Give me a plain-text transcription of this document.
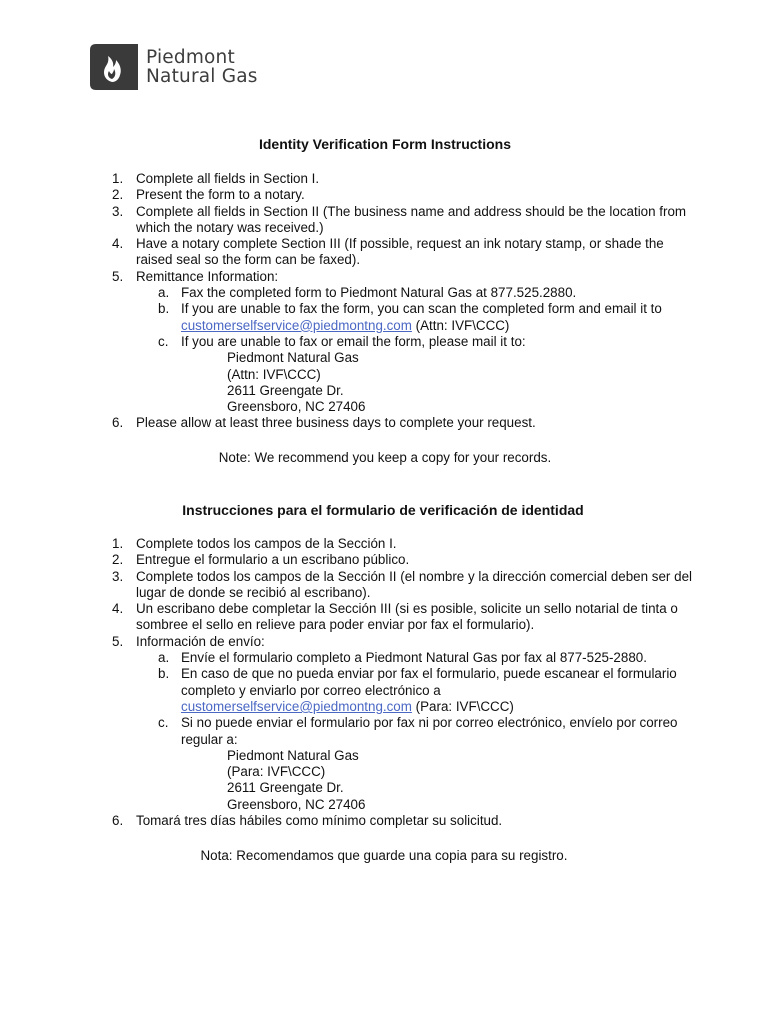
Piedmont
Natural Gas
Identity Verification Form Instructions
1. Complete all fields in Section I.
2. Present the form to a notary.
3. Complete all fields in Section II (The business name and address should be the location from which the notary was received.)
4. Have a notary complete Section III (If possible, request an ink notary stamp, or shade the raised seal so the form can be faxed).
5. Remittance Information:
a. Fax the completed form to Piedmont Natural Gas at 877.525.2880.
b. If you are unable to fax the form, you can scan the completed form and email it to
customerselfservice@piedmontng.com (Attn: IVF\CCC)
c. If you are unable to fax or email the form, please mail it to:
Piedmont Natural Gas
(Attn: IVF\CCC)
2611 Greengate Dr.
Greensboro, NC 27406
6. Please allow at least three business days to complete your request.
Note: We recommend you keep a copy for your records.
Instrucciones para el formulario de verificación de identidad
1. Complete todos los campos de la Sección I.
2. Entregue el formulario a un escribano público.
3. Complete todos los campos de la Sección II (el nombre y la dirección comercial deben ser del lugar de donde se recibió al escribano).
4. Un escribano debe completar la Sección III (si es posible, solicite un sello notarial de tinta o sombree el sello en relieve para poder enviar por fax el formulario).
5. Información de envío:
a. Envíe el formulario completo a Piedmont Natural Gas por fax al 877-525-2880.
b. En caso de que no pueda enviar por fax el formulario, puede escanear el formulario completo y enviarlo por correo electrónico a
customerselfservice@piedmontng.com (Para: IVF\CCC)
c. Si no puede enviar el formulario por fax ni por correo electrónico, envíelo por correo regular a:
Piedmont Natural Gas
(Para: IVF\CCC)
2611 Greengate Dr.
Greensboro, NC 27406
6. Tomará tres días hábiles como mínimo completar su solicitud.
Nota: Recomendamos que guarde una copia para su registro.
